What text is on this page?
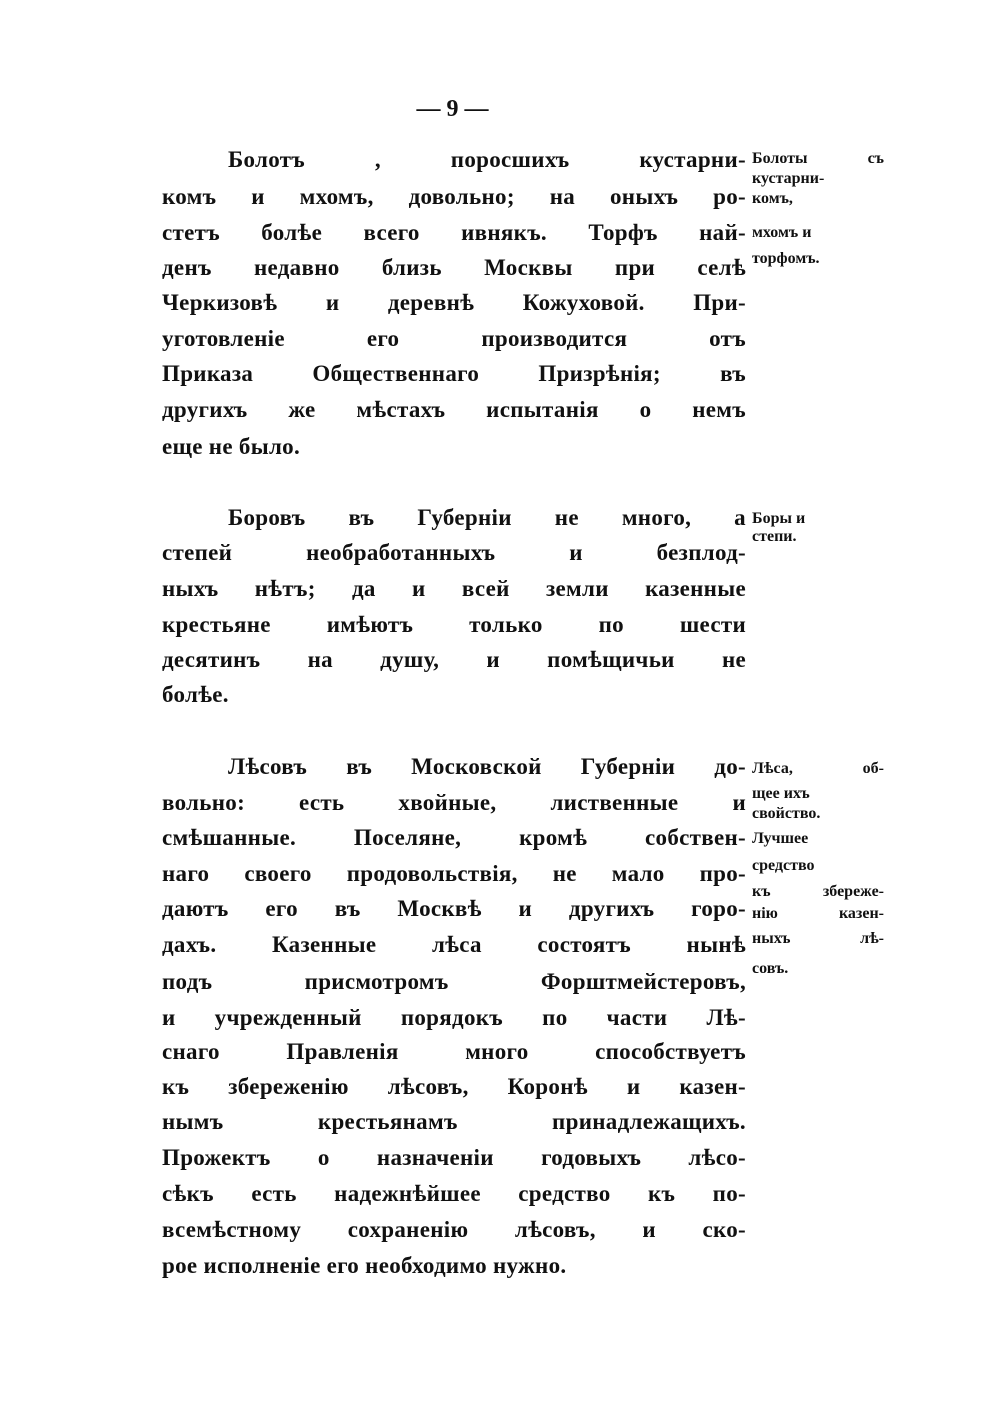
— 9 —
Болотъ , поросшихъ кустарни-
комъ и мхомъ, довольно; на оныхъ ро-
стетъ болѣе всего ивнякъ. Торфъ най-
денъ недавно близь Москвы при селѣ
Черкизовѣ и деревнѣ Кожуховой. При-
уготовленіе его производится отъ
Приказа Общественнаго Призрѣнія; въ
другихъ же мѣстахъ испытанія о немъ
еще не было.
Болоты съ
кустарни-
комъ,
мхомъ и
торфомъ.
Боровъ въ Губерніи не много, а
степей необработанныхъ и безплод-
ныхъ нѣтъ; да и всей земли казенные
крестьяне имѣютъ только по шести
десятинъ на душу, и помѣщичьи не
болѣе.
Боры и
степи.
Лѣсовъ въ Московской Губерніи до-
вольно: есть хвойные, лиственные и
смѣшанные. Поселяне, кромѣ собствен-
наго своего продовольствія, не мало про-
даютъ его въ Москвѣ и другихъ горо-
дахъ. Казенные лѣса состоятъ нынѣ
подъ присмотромъ Форштмейстеровъ,
и учрежденный порядокъ по части Лѣ-
снаго Правленія много способствуетъ
къ збереженію лѣсовъ, Коронѣ и казен-
нымъ крестьянамъ принадлежащихъ.
Прожектъ о назначеніи годовыхъ лѣсо-
сѣкъ есть надежнѣйшее средство къ по-
всемѣстному сохраненію лѣсовъ, и ско-
рое исполненіе его необходимо нужно.
Лѣса, об-
щее ихъ
свойство.
Лучшее
средство
къ збереже-
нію казен-
ныхъ лѣ-
совъ.
